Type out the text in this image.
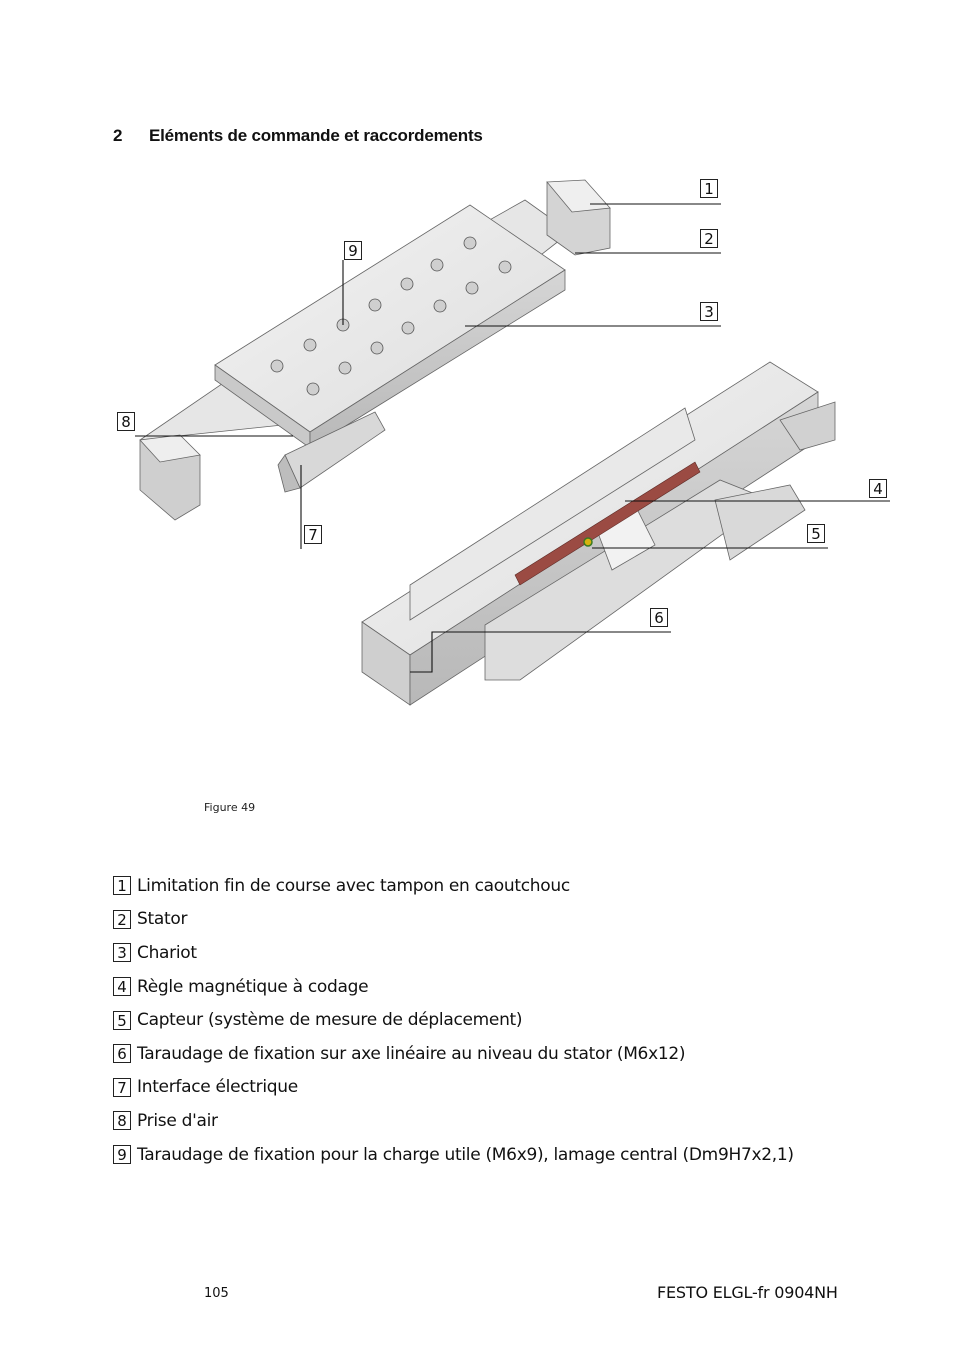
2 Eléments de commande et raccordements
1
2
3
4
5
6
7
8
9
Figure 49
1 Limitation fin de course avec tampon en caoutchouc
2 Stator
3 Chariot
4 Règle magnétique à codage
5 Capteur (système de mesure de déplacement)
6 Taraudage de fixation sur axe linéaire au niveau du stator (M6x12)
7 Interface électrique
8 Prise d'air
9 Taraudage de fixation pour la charge utile (M6x9), lamage central (Dm9H7x2,1)
105	FESTO ELGL-fr 0904NH
